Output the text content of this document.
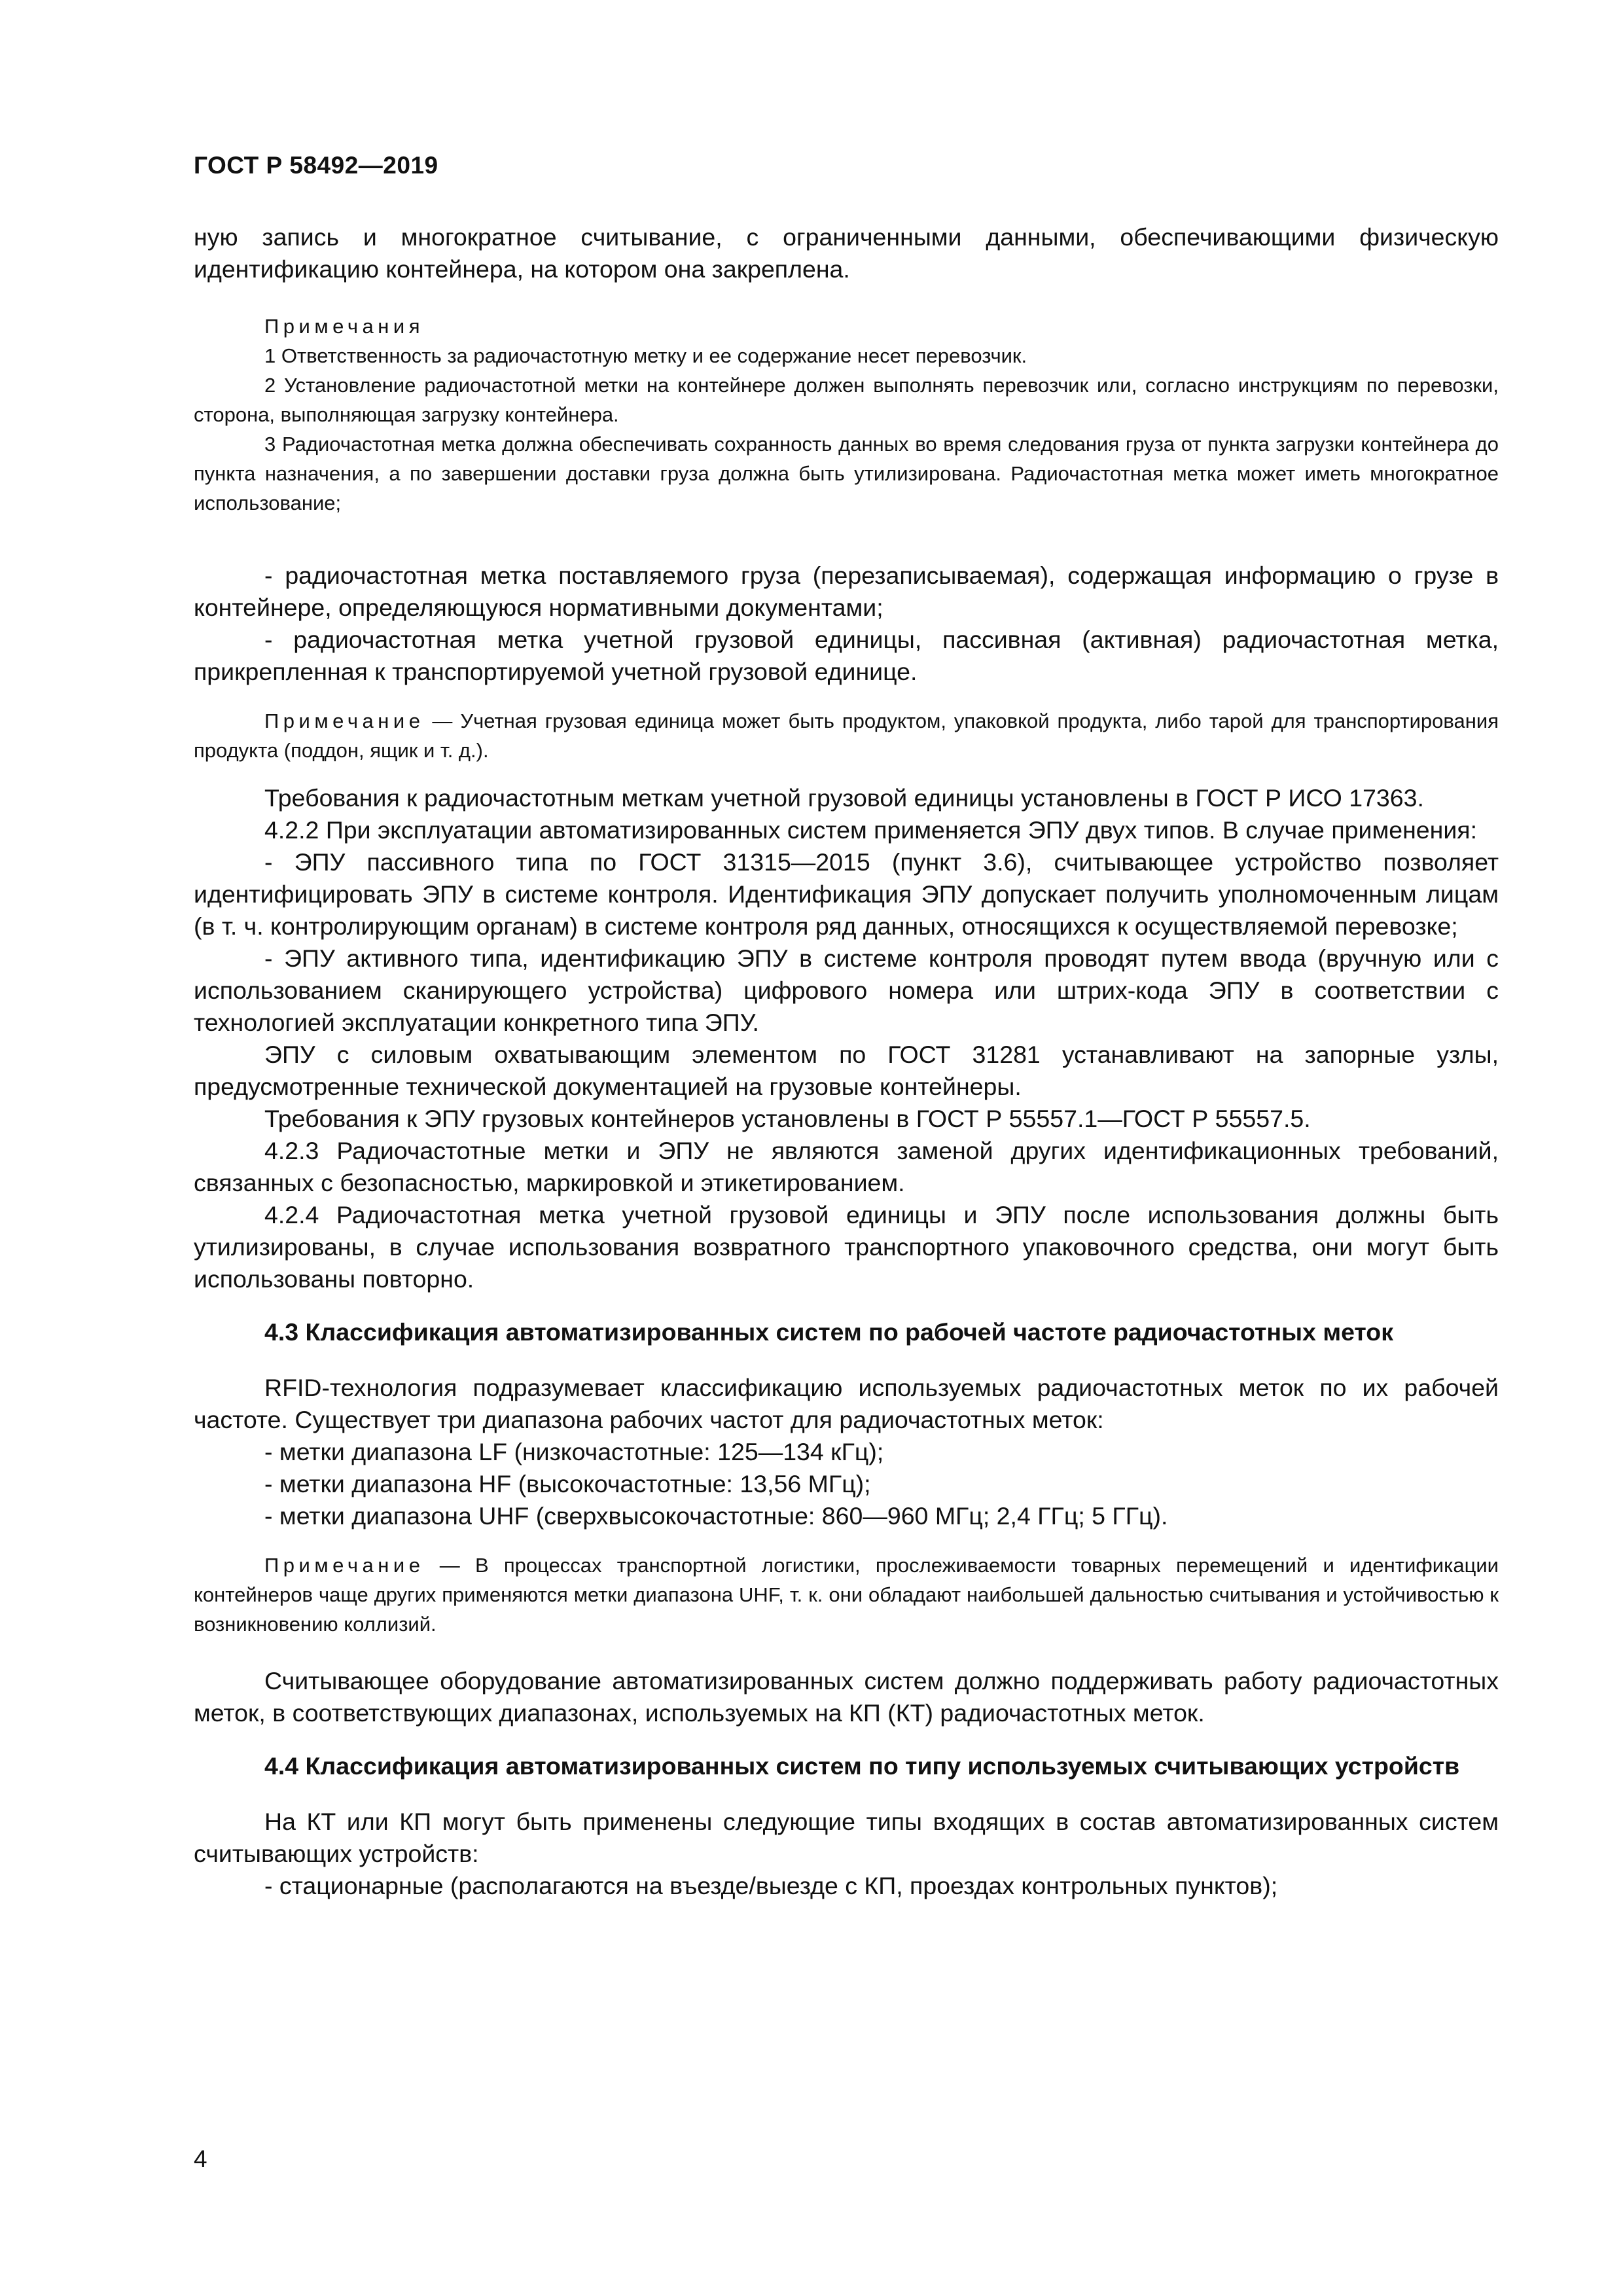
ГОСТ Р 58492—2019

ную запись и многократное считывание, с ограниченными данными, обеспечивающими физическую идентификацию контейнера, на котором она закреплена.

Примечания

1 Ответственность за радиочастотную метку и ее содержание несет перевозчик.

2 Установление радиочастотной метки на контейнере должен выполнять перевозчик или, согласно инструкциям по перевозки, сторона, выполняющая загрузку контейнера.

3 Радиочастотная метка должна обеспечивать сохранность данных во время следования груза от пункта загрузки контейнера до пункта назначения, а по завершении доставки груза должна быть утилизирована. Радиочастотная метка может иметь многократное использование;

- радиочастотная метка поставляемого груза (перезаписываемая), содержащая информацию о грузе в контейнере, определяющуюся нормативными документами;

- радиочастотная метка учетной грузовой единицы, пассивная (активная) радиочастотная метка, прикрепленная к транспортируемой учетной грузовой единице.

Примечание — Учетная грузовая единица может быть продуктом, упаковкой продукта, либо тарой для транспортирования продукта (поддон, ящик и т. д.).

Требования к радиочастотным меткам учетной грузовой единицы установлены в ГОСТ Р ИСО 17363.

4.2.2 При эксплуатации автоматизированных систем применяется ЭПУ двух типов. В случае применения:

- ЭПУ пассивного типа по ГОСТ 31315—2015 (пункт 3.6), считывающее устройство позволяет идентифицировать ЭПУ в системе контроля. Идентификация ЭПУ допускает получить уполномоченным лицам (в т. ч. контролирующим органам) в системе контроля ряд данных, относящихся к осуществляемой перевозке;

- ЭПУ активного типа, идентификацию ЭПУ в системе контроля проводят путем ввода (вручную или с использованием сканирующего устройства) цифрового номера или штрих-кода ЭПУ в соответствии с технологией эксплуатации конкретного типа ЭПУ.

ЭПУ с силовым охватывающим элементом по ГОСТ 31281 устанавливают на запорные узлы, предусмотренные технической документацией на грузовые контейнеры.

Требования к ЭПУ грузовых контейнеров установлены в ГОСТ Р 55557.1—ГОСТ Р 55557.5.

4.2.3 Радиочастотные метки и ЭПУ не являются заменой других идентификационных требований, связанных с безопасностью, маркировкой и этикетированием.

4.2.4 Радиочастотная метка учетной грузовой единицы и ЭПУ после использования должны быть утилизированы, в случае использования возвратного транспортного упаковочного средства, они могут быть использованы повторно.

4.3 Классификация автоматизированных систем по рабочей частоте радиочастотных меток

RFID-технология подразумевает классификацию используемых радиочастотных меток по их рабочей частоте. Существует три диапазона рабочих частот для радиочастотных меток:

- метки диапазона LF (низкочастотные: 125—134 кГц);

- метки диапазона HF (высокочастотные: 13,56 МГц);

- метки диапазона UHF (сверхвысокочастотные: 860—960 МГц; 2,4 ГГц; 5 ГГц).

Примечание — В процессах транспортной логистики, прослеживаемости товарных перемещений и идентификации контейнеров чаще других применяются метки диапазона UHF, т. к. они обладают наибольшей дальностью считывания и устойчивостью к возникновению коллизий.

Считывающее оборудование автоматизированных систем должно поддерживать работу радиочастотных меток, в соответствующих диапазонах, используемых на КП (КТ) радиочастотных меток.

4.4 Классификация автоматизированных систем по типу используемых считывающих устройств

На КТ или КП могут быть применены следующие типы входящих в состав автоматизированных систем считывающих устройств:

- стационарные (располагаются на въезде/выезде с КП, проездах контрольных пунктов);

4
